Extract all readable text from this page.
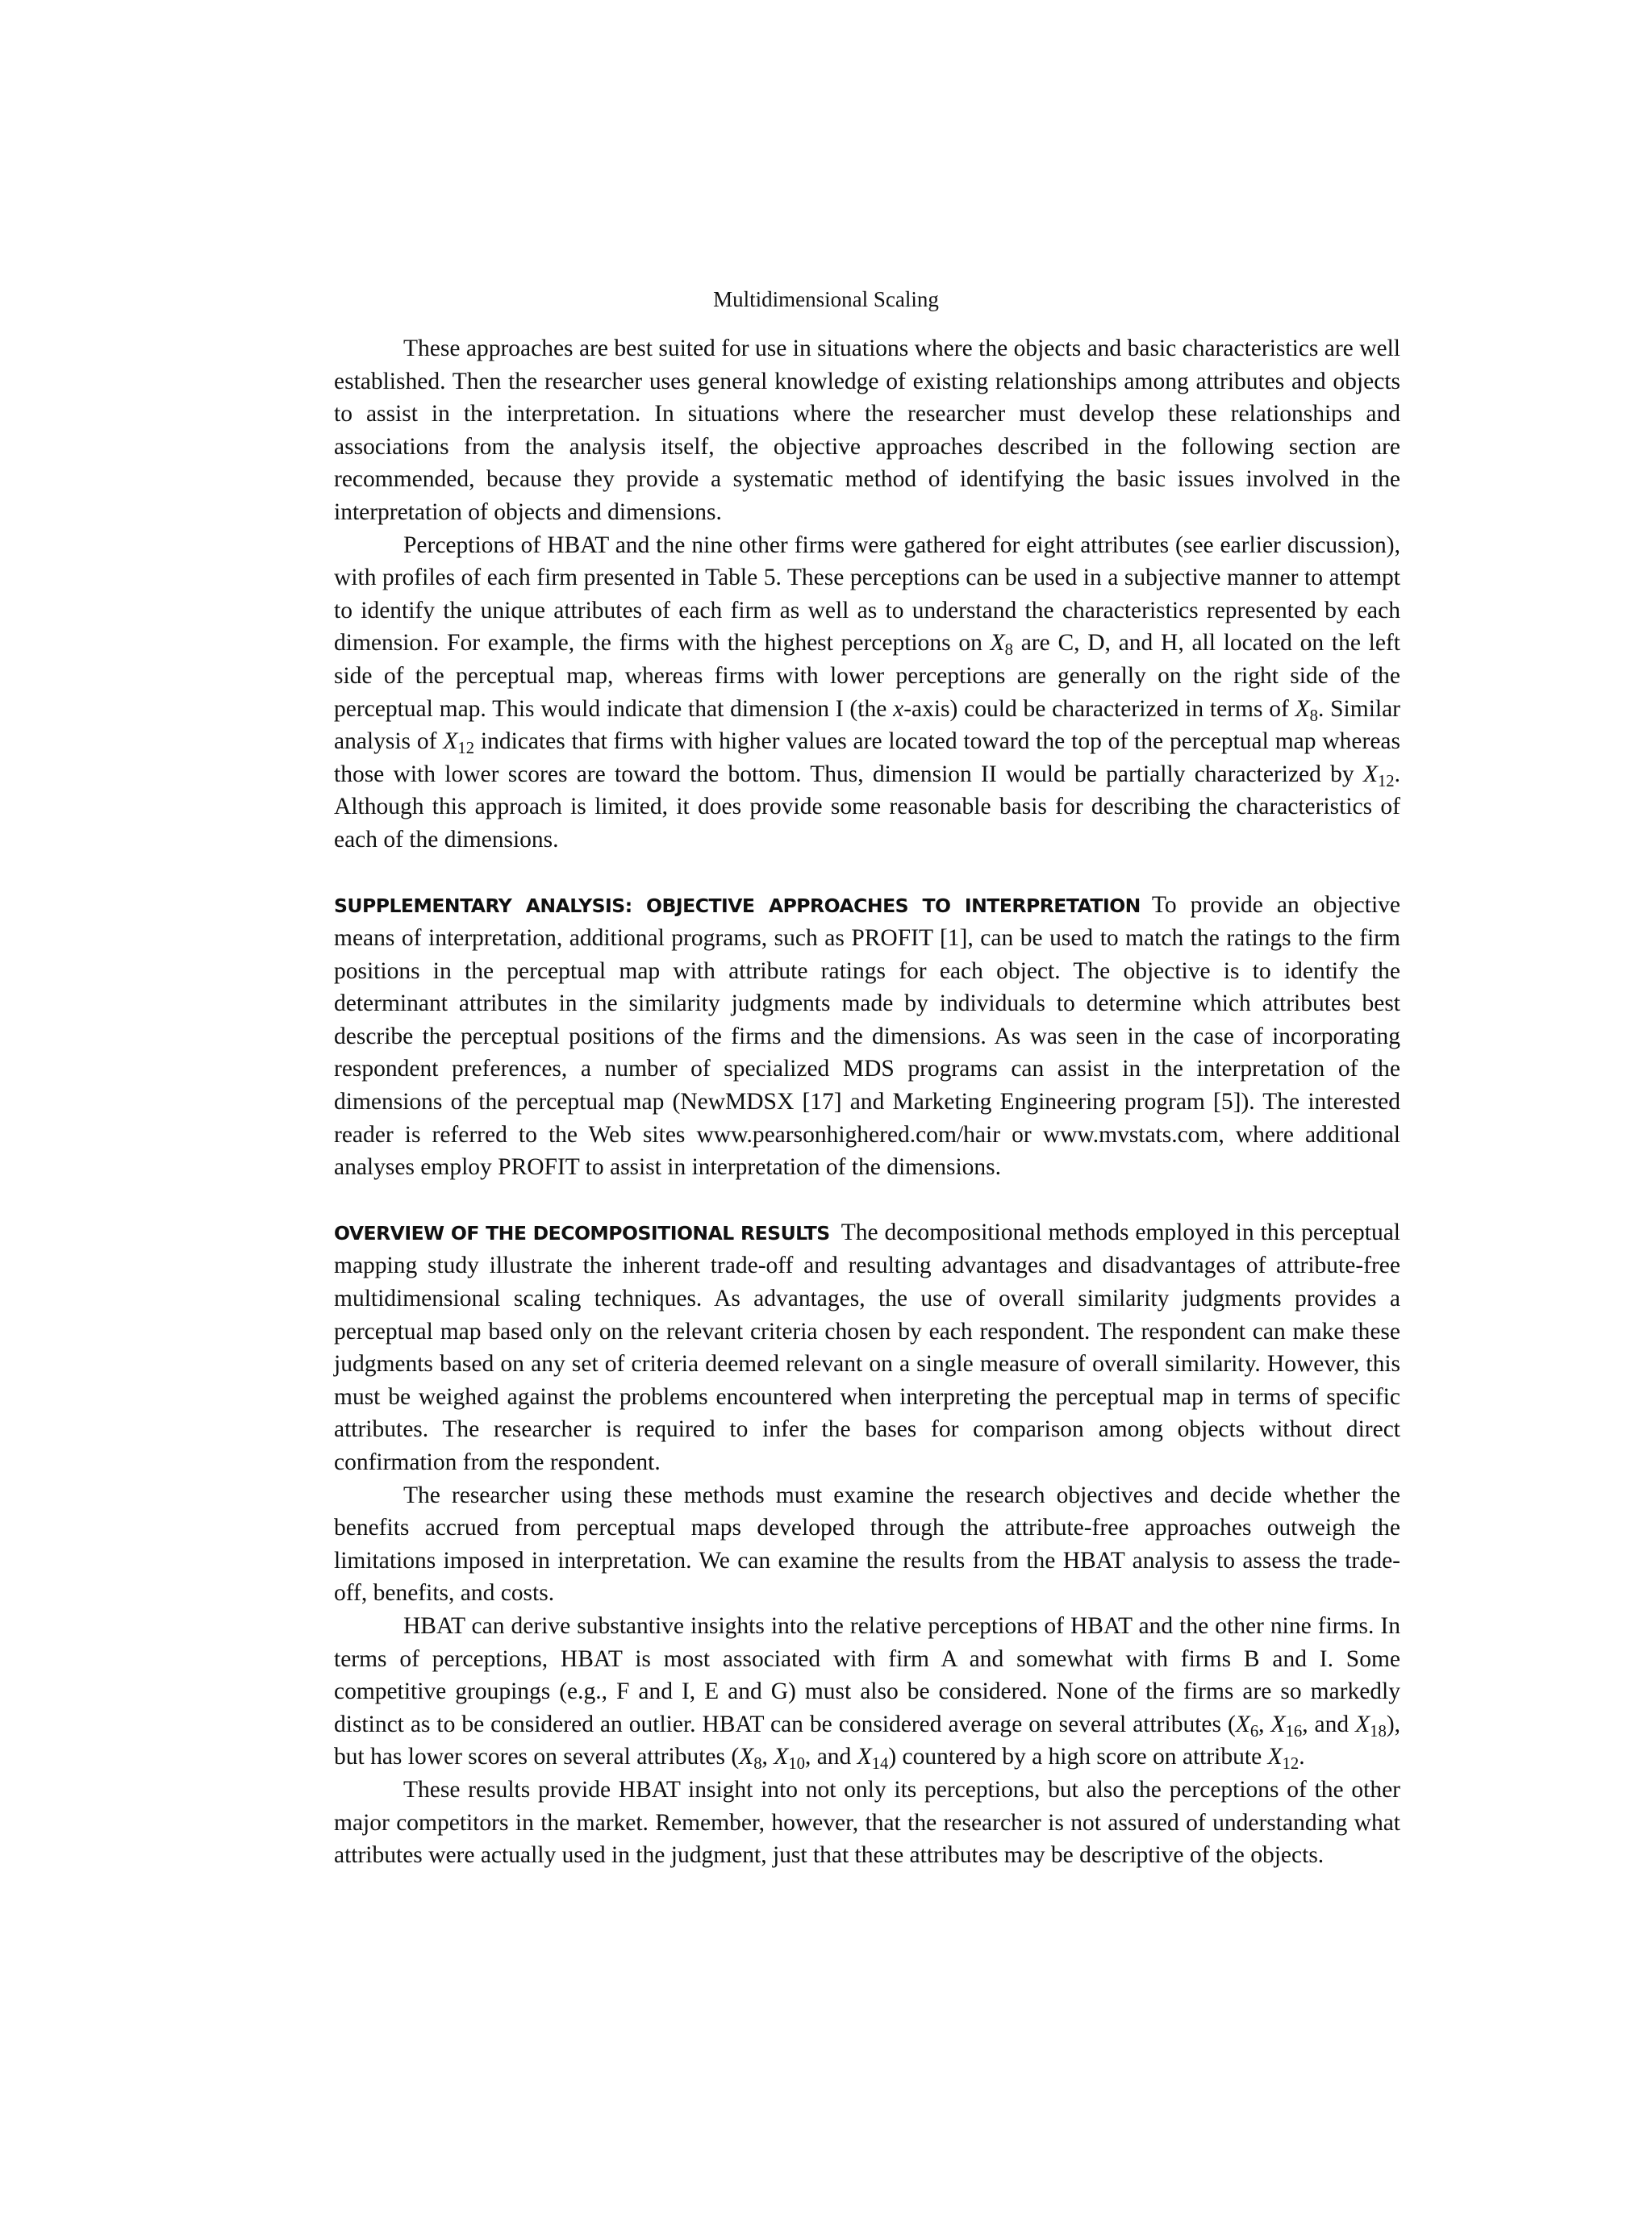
Multidimensional Scaling

These approaches are best suited for use in situations where the objects and basic characteristics are well established. Then the researcher uses general knowledge of existing relationships among attributes and objects to assist in the interpretation. In situations where the researcher must develop these relationships and associations from the analysis itself, the objective approaches described in the following section are recommended, because they provide a systematic method of identifying the basic issues involved in the interpretation of objects and dimensions.

Perceptions of HBAT and the nine other firms were gathered for eight attributes (see earlier discussion), with profiles of each firm presented in Table 5. These perceptions can be used in a subjective manner to attempt to identify the unique attributes of each firm as well as to understand the characteristics represented by each dimension. For example, the firms with the highest perceptions on $X_8$ are C, D, and H, all located on the left side of the perceptual map, whereas firms with lower perceptions are generally on the right side of the perceptual map. This would indicate that dimension I (the x-axis) could be characterized in terms of $X_8$. Similar analysis of $X_{12}$ indicates that firms with higher values are located toward the top of the perceptual map whereas those with lower scores are toward the bottom. Thus, dimension II would be partially characterized by $X_{12}$. Although this approach is limited, it does provide some reasonable basis for describing the characteristics of each of the dimensions.

SUPPLEMENTARY ANALYSIS: OBJECTIVE APPROACHES TO INTERPRETATION To provide an objective means of interpretation, additional programs, such as PROFIT [1], can be used to match the ratings to the firm positions in the perceptual map with attribute ratings for each object. The objective is to identify the determinant attributes in the similarity judgments made by individuals to determine which attributes best describe the perceptual positions of the firms and the dimensions. As was seen in the case of incorporating respondent preferences, a number of specialized MDS programs can assist in the interpretation of the dimensions of the perceptual map (NewMDSX [17] and Marketing Engineering program [5]). The interested reader is referred to the Web sites www.pearsonhighered.com/hair or www.mvstats.com, where additional analyses employ PROFIT to assist in interpretation of the dimensions.

OVERVIEW OF THE DECOMPOSITIONAL RESULTS The decompositional methods employed in this perceptual mapping study illustrate the inherent trade-off and resulting advantages and disadvantages of attribute-free multidimensional scaling techniques. As advantages, the use of overall similarity judgments provides a perceptual map based only on the relevant criteria chosen by each respondent. The respondent can make these judgments based on any set of criteria deemed relevant on a single measure of overall similarity. However, this must be weighed against the problems encountered when interpreting the perceptual map in terms of specific attributes. The researcher is required to infer the bases for comparison among objects without direct confirmation from the respondent.

The researcher using these methods must examine the research objectives and decide whether the benefits accrued from perceptual maps developed through the attribute-free approaches outweigh the limitations imposed in interpretation. We can examine the results from the HBAT analysis to assess the trade-off, benefits, and costs.

HBAT can derive substantive insights into the relative perceptions of HBAT and the other nine firms. In terms of perceptions, HBAT is most associated with firm A and somewhat with firms B and I. Some competitive groupings (e.g., F and I, E and G) must also be considered. None of the firms are so markedly distinct as to be considered an outlier. HBAT can be considered average on several attributes ($X_6$, $X_{16}$, and $X_{18}$), but has lower scores on several attributes ($X_8$, $X_{10}$, and $X_{14}$) countered by a high score on attribute $X_{12}$.

These results provide HBAT insight into not only its perceptions, but also the perceptions of the other major competitors in the market. Remember, however, that the researcher is not assured of understanding what attributes were actually used in the judgment, just that these attributes may be descriptive of the objects.
